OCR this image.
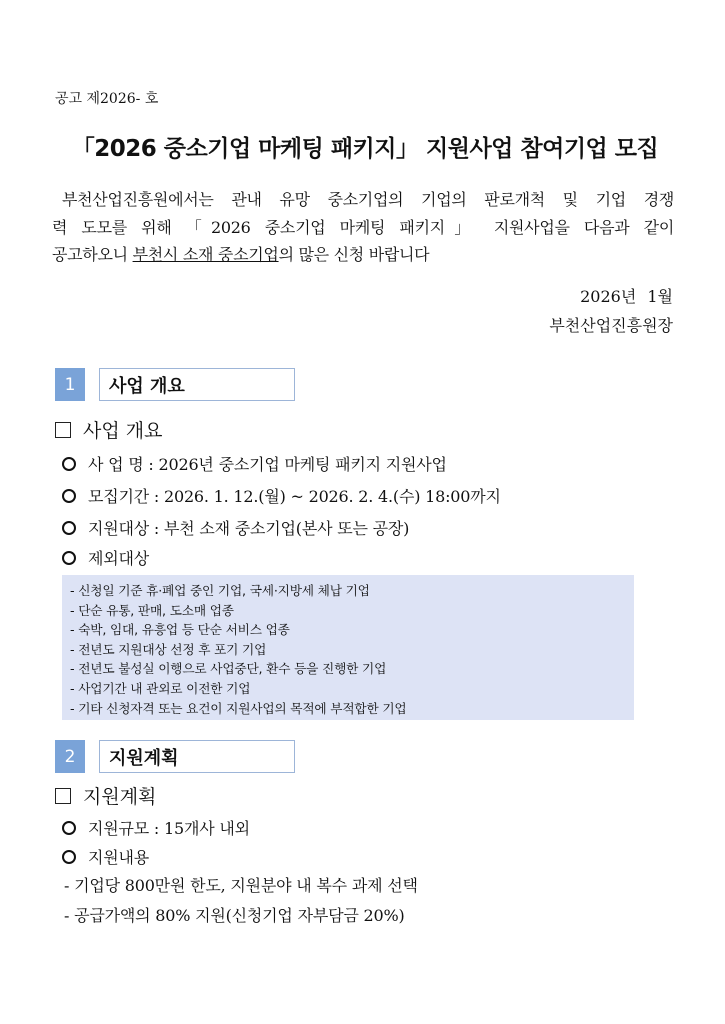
공고 제2026- 호
「2026 중소기업 마케팅 패키지」 지원사업 참여기업 모집
부천산업진흥원에서는 관내 유망 중소기업의 기업의 판로개척 및 기업 경쟁
력 도모를 위해 「2026 중소기업 마케팅 패키지」 지원사업을 다음과 같이
공고하오니 부천시 소재 중소기업의 많은 신청 바랍니다
2026년 1월
부천산업진흥원장
1	사업 개요
사업 개요
사 업 명 : 2026년 중소기업 마케팅 패키지 지원사업
모집기간 : 2026. 1. 12.(월) ~ 2026. 2. 4.(수) 18:00까지
지원대상 : 부천 소재 중소기업(본사 또는 공장)
제외대상
- 신청일 기준 휴·폐업 중인 기업, 국세·지방세 체납 기업
- 단순 유통, 판매, 도소매 업종
- 숙박, 임대, 유흥업 등 단순 서비스 업종
- 전년도 지원대상 선정 후 포기 기업
- 전년도 불성실 이행으로 사업중단, 환수 등을 진행한 기업
- 사업기간 내 관외로 이전한 기업
- 기타 신청자격 또는 요건이 지원사업의 목적에 부적합한 기업
2	지원계획
지원계획
지원규모 : 15개사 내외
지원내용
- 기업당 800만원 한도, 지원분야 내 복수 과제 선택
- 공급가액의 80% 지원(신청기업 자부담금 20%)
